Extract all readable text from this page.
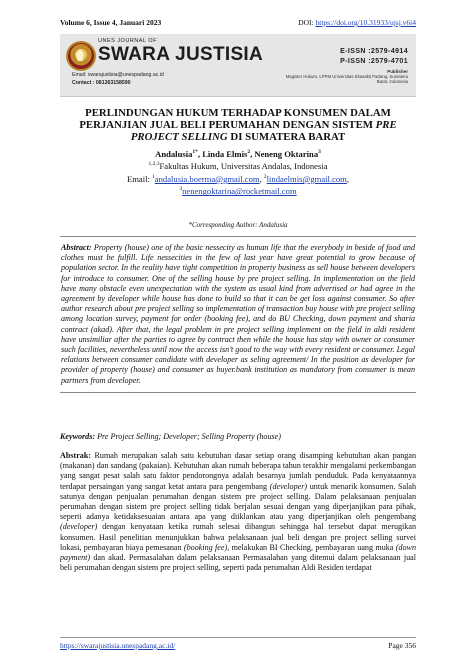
Volume 6, Issue 4, Januari 2023	DOI: https://doi.org/10.31933/ujsj.v6i4
UNES JOURNAL OF
SWARA JUSTISIA
Email: swarajustisia@unespadang.ac.id
Contact : 081363158590
E-ISSN :2579-4914
P-ISSN :2579-4701
Publisher
Magister Hukum, LPPM Universitas Ekasakti Padang, Sumatera Barat, Indonesia
PERLINDUNGAN HUKUM TERHADAP KONSUMEN DALAM
PERJANJIAN JUAL BELI PERUMAHAN DENGAN SISTEM PRE
PROJECT SELLING DI SUMATERA BARAT
Andalusia$^{1*}$, Linda Elmis$^2$, Neneng Oktarina$^3$
$^{1,2,3}$Fakultas Hukum, Universitas Andalas, Indonesia
Email: $^1$andalusia.boerma@gmail.com, $^2$lindaelmis@gmail.com,
$^3$nenengoktarina@rocketmail.com
*Corresponding Author: Andalusia
Abstract: Property (house) one of the basic nessecity as human life that the everybody in beside of food and clothes must be fulfill. Life nessecities in the few of last year have great potential to grow because of population sector. In the reality have tight competition in property business as sell house between developers for introduce to consumer. One of the selling house by pre project selling. In implementation on the field have many obstacle even unexpectation with the system as usual kind from advertised or had agree in the agreement by developer while house has done to build so that it can be get loss against consumer. So after author research about pre project selling so implementation of transaction buy house with pre project selling among location survey, payment for order (booking fee), and do BU Checking, down payment and sharia contract (akad). After that, the legal problem in pre project selling implement on the field in aldi resident have unsimiliar after the parties to agree by contract then while the house has stay with owner or consumer such facilities, nevertheless until now the access isn’t good to the way with every resident or consumer. Legal relations between consumer candidate with developer as seling agreement/ In the position as developer for provider of property (house) and consumer as buyer.bank institution as mandatory from consumer is mean partners from developer.
Keywords: Pre Project Selling; Developer; Selling Property (house)
Abstrak: Rumah merupakan salah satu kebutuhan dasar setiap orang disamping kebutuhan akan pangan (makanan) dan sandang (pakaian). Kebutuhan akan rumah beberapa tahun terakhir mengalami perkembangan yang sangat pesat salah satu faktor pendorongnya adalah besarnya jumlah penduduk. Pada kenyataannya terdapat persaingan yang sangat ketat antara para pengembang (developer) untuk menarik konsumen. Salah satunya dengan penjualan perumahan dengan sistem pre project selling. Dalam pelaksanaan penjualan perumahan dengan sistem pre project selling tidak berjalan sesuai dengan yang diperjanjikan para pihak, seperti adanya ketidaksesuaian antara apa yang diiklankan atau yang diperjanjikan oleh pengembang (developer) dengan kenyataan ketika rumah selesai dibangun sehingga hal tersebut dapat merugikan konsumen. Hasil penelitian menunjukkan bahwa pelaksanaan jual beli dengan pre project selling survei lokasi, pembayaran biaya pemesanan (booking fee), melakukan BI Checking, pembayaran uang muka (down payment) dan akad. Permasalahan dalam pelaksanaan Permasalahan yang ditemui dalam pelaksanaan jual beli perumahan dengan sistem pre project selling, seperti pada perumahan Aldi Residen terdapat
https://swarajustisia.unespadang.ac.id/	Page 356
